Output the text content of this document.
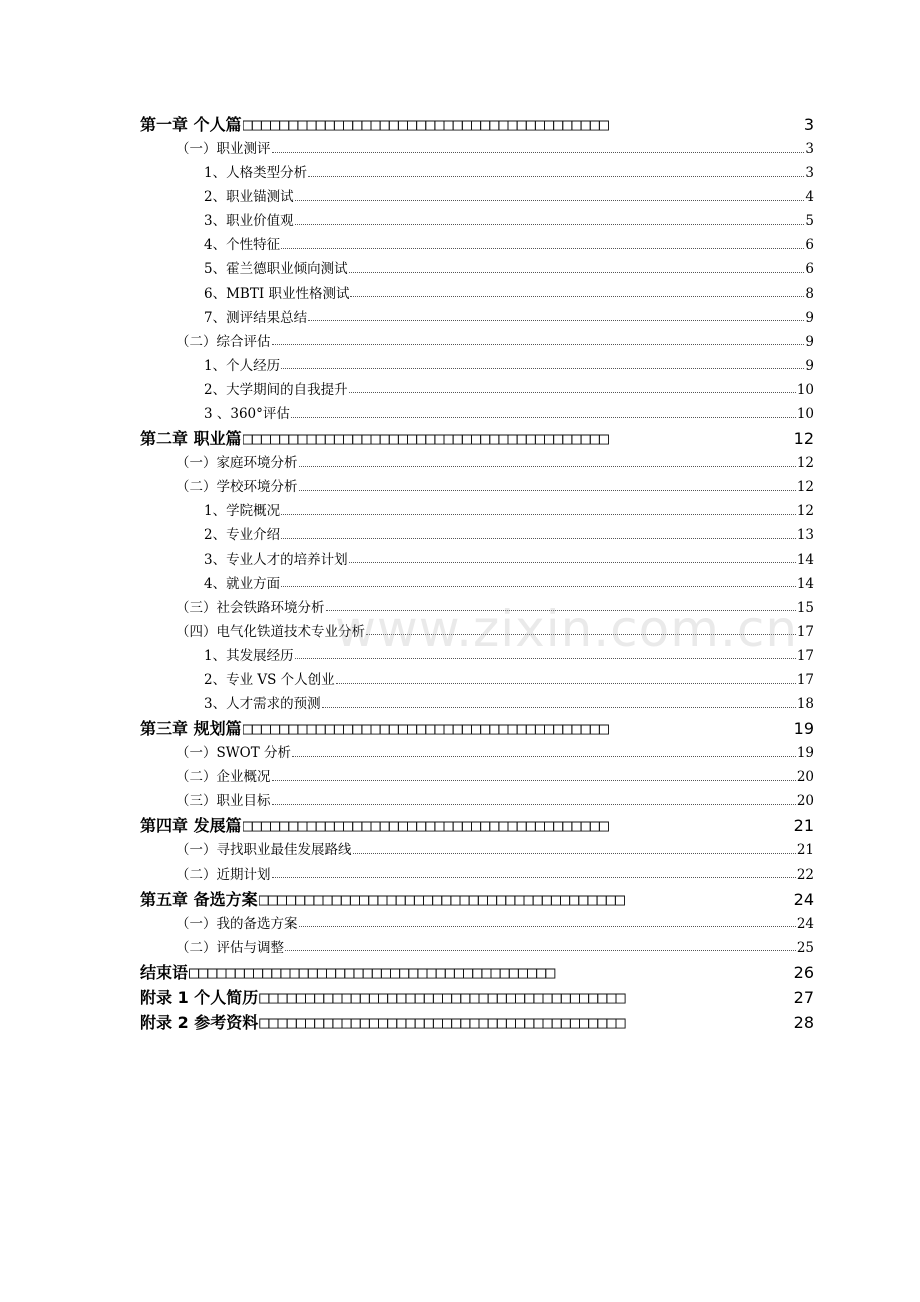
第一章 个人篇 □□□□□□□□□□□□□□□□□□□□□□□□□□□□□□□□□□□□□□□□	3
（一）职业测评	3
1、人格类型分析	3
2、职业锚测试	4
3、职业价值观	5
4、个性特征	6
5、霍兰德职业倾向测试	6
6、MBTI 职业性格测试	8
7、测评结果总结	9
（二）综合评估	9
1、个人经历	9
2、大学期间的自我提升	10
3 、360°评估	10
第二章 职业篇 □□□□□□□□□□□□□□□□□□□□□□□□□□□□□□□□□□□□□□□□	12
（一）家庭环境分析	12
（二）学校环境分析	12
1、学院概况	12
2、专业介绍	13
3、专业人才的培养计划	14
4、就业方面	14
（三）社会铁路环境分析	15
（四）电气化铁道技术专业分析	17
1、其发展经历	17
2、专业 VS 个人创业	17
3、人才需求的预测	18
第三章 规划篇 □□□□□□□□□□□□□□□□□□□□□□□□□□□□□□□□□□□□□□□□	19
（一）SWOT 分析	19
（二）企业概况	20
（三）职业目标	20
第四章 发展篇 □□□□□□□□□□□□□□□□□□□□□□□□□□□□□□□□□□□□□□□□	21
（一）寻找职业最佳发展路线	21
（二）近期计划	22
第五章 备选方案 □□□□□□□□□□□□□□□□□□□□□□□□□□□□□□□□□□□□□□□□	24
（一）我的备选方案	24
（二）评估与调整	25
结束语 □□□□□□□□□□□□□□□□□□□□□□□□□□□□□□□□□□□□□□□□	26
附录 1 个人简历 □□□□□□□□□□□□□□□□□□□□□□□□□□□□□□□□□□□□□□□□	27
附录 2 参考资料 □□□□□□□□□□□□□□□□□□□□□□□□□□□□□□□□□□□□□□□□	28
www.zixin.com.cn
